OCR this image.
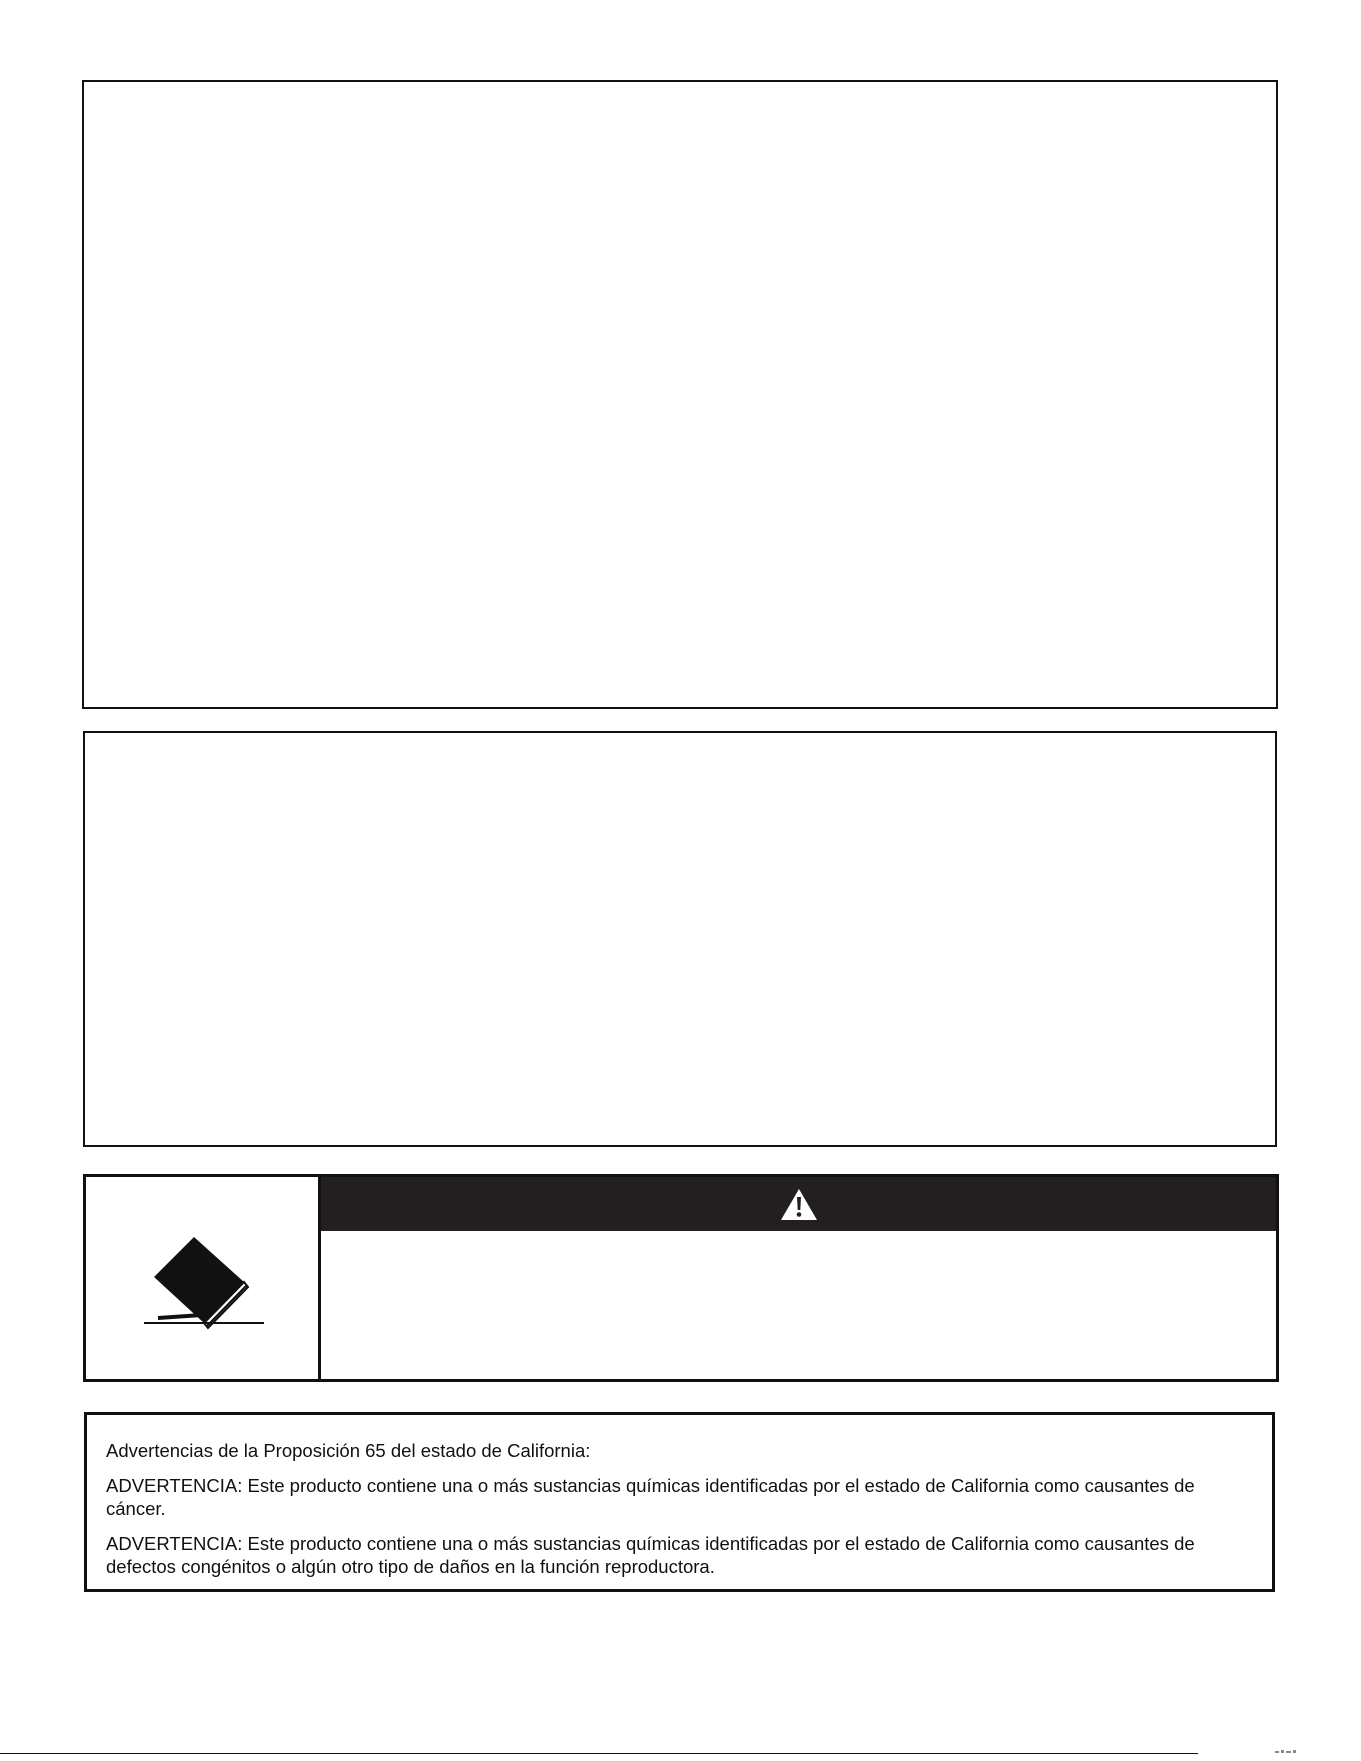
Advertencias de la Proposición 65 del estado de California:

ADVERTENCIA: Este producto contiene una o más sustancias químicas identificadas por el estado de California como causantes de cáncer.

ADVERTENCIA: Este producto contiene una o más sustancias químicas identificadas por el estado de California como causantes de defectos congénitos o algún otro tipo de daños en la función reproductora.
